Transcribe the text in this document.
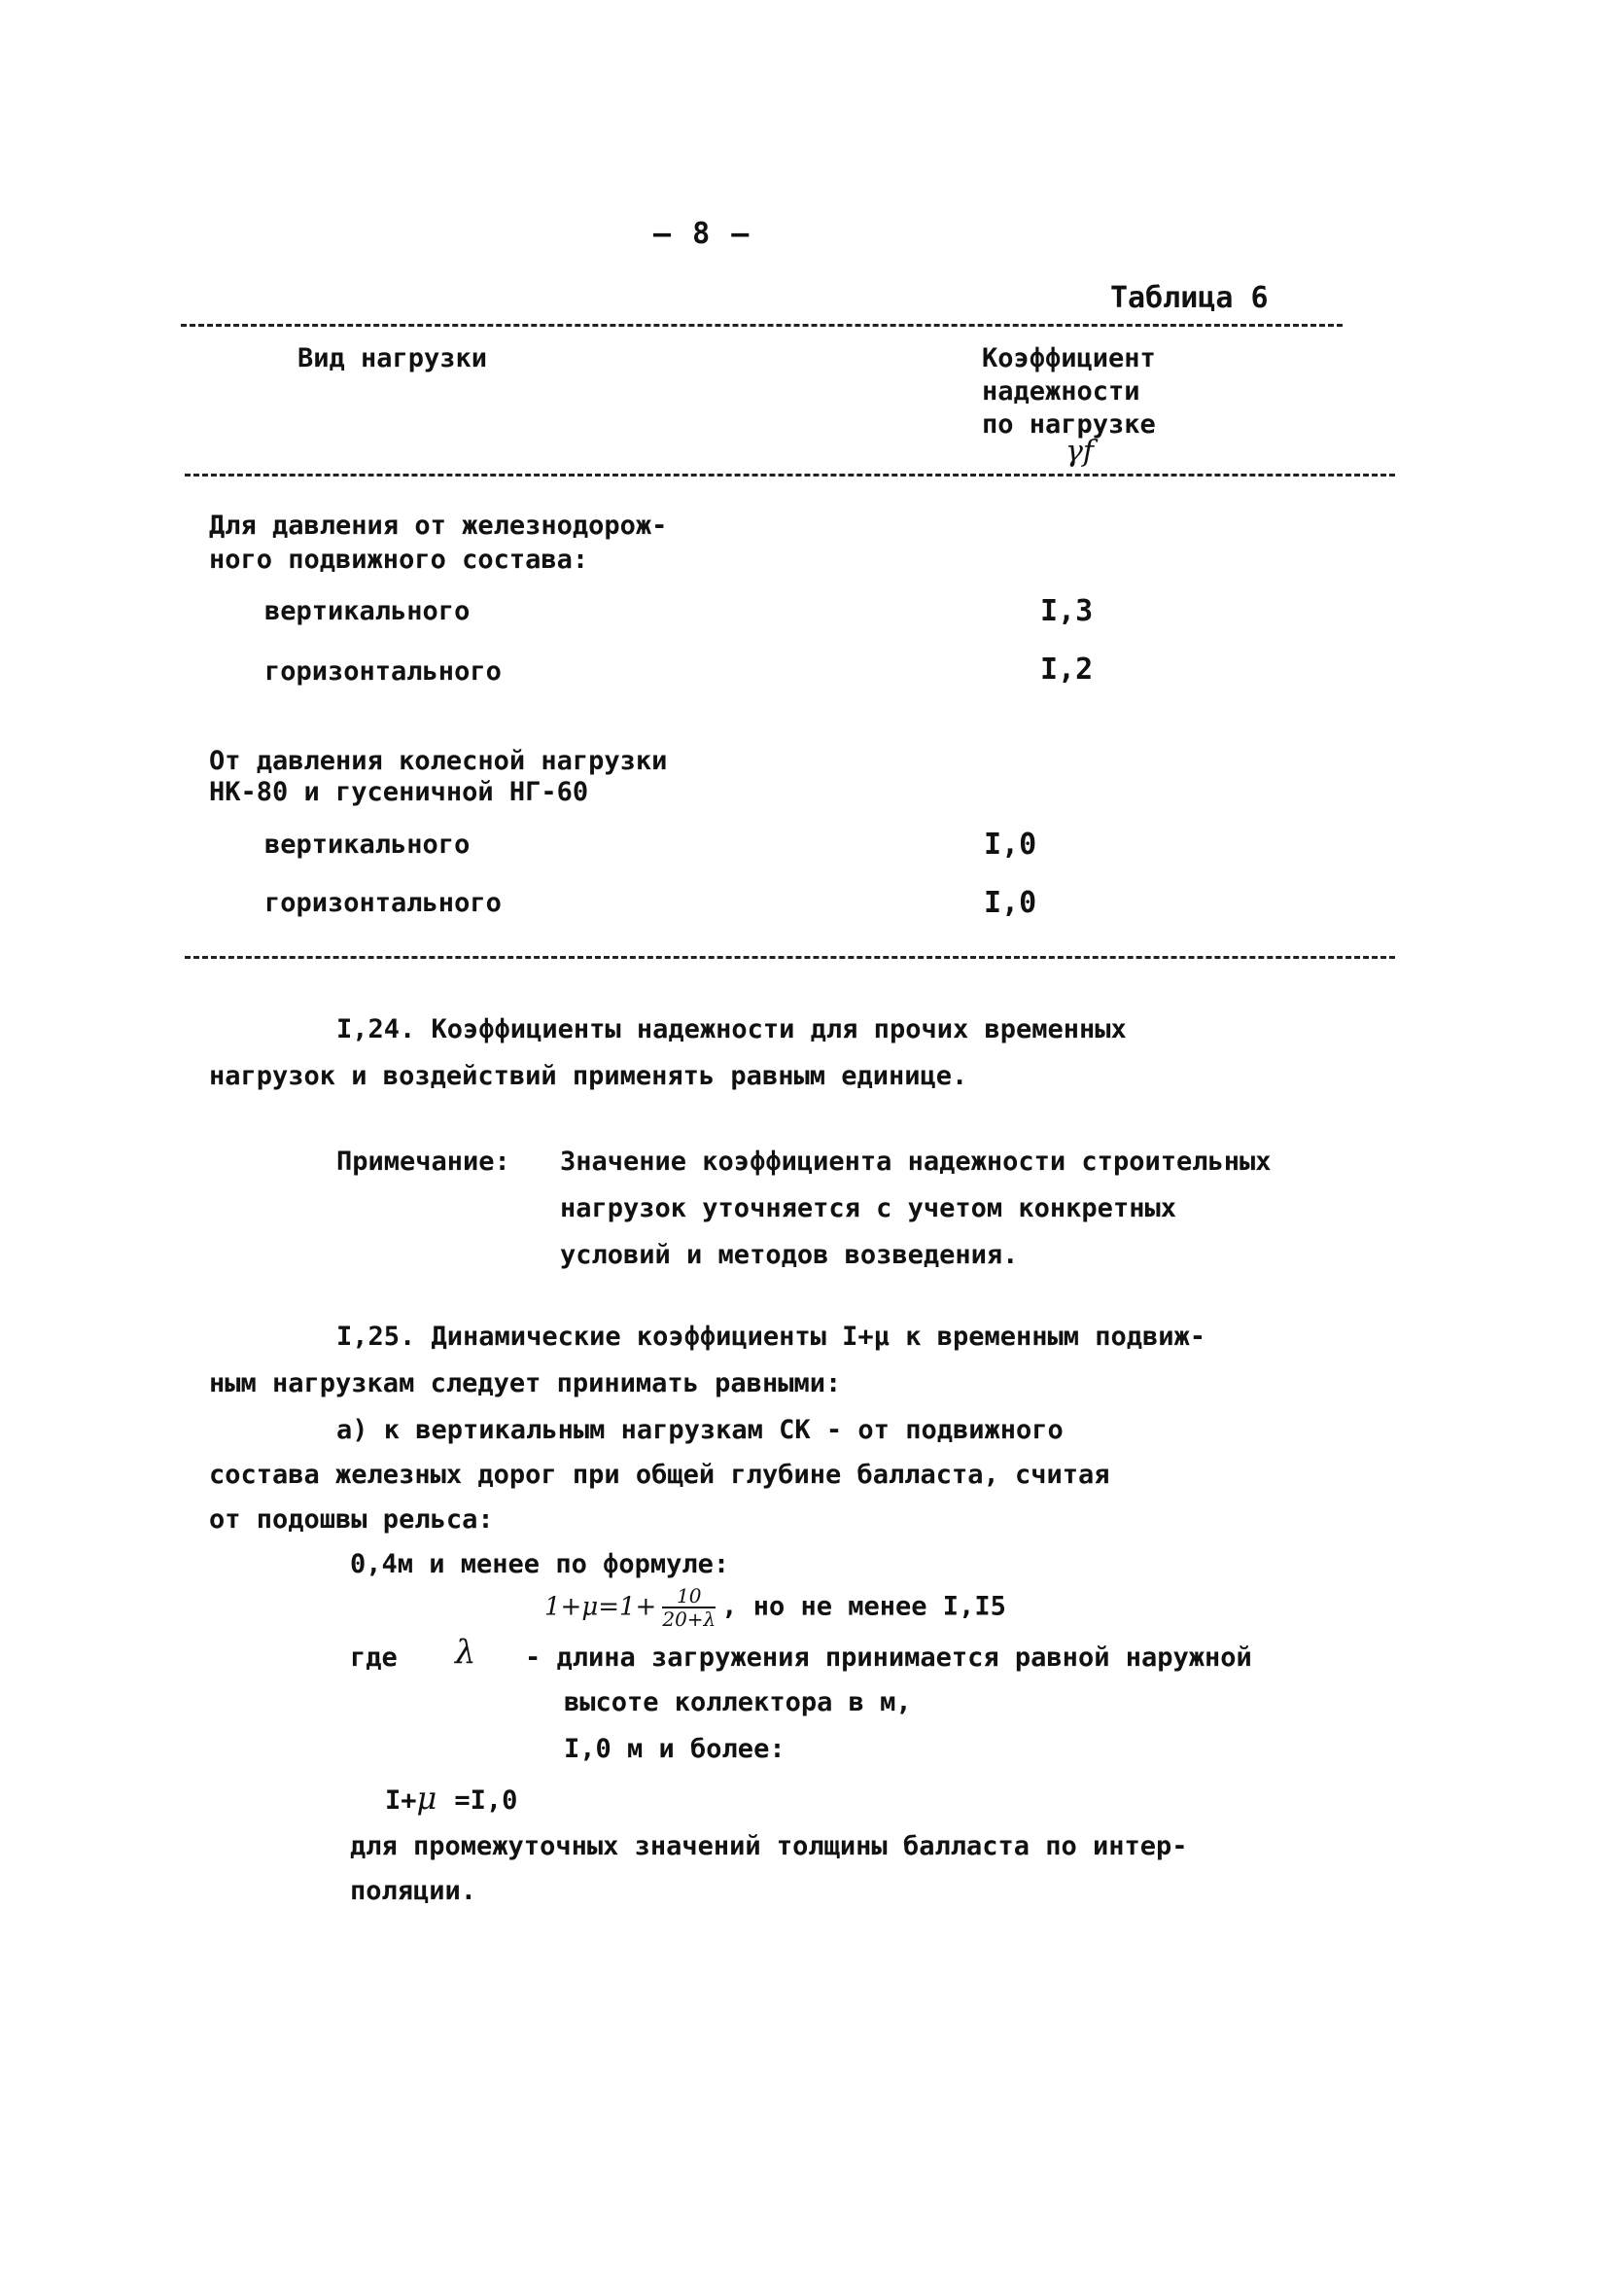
– 8 –
Таблица 6
Вид нагрузки	Коэффициент
надежности
по нагрузке
γf
Для давления от железнодорож-
ного подвижного состава:
вертикального	I,3
горизонтального	I,2
От давления колесной нагрузки
НК-80 и гусеничной НГ-60
вертикального	I,0
горизонтального	I,0
I,24. Коэффициенты надежности для прочих временных
нагрузок и воздействий применять равным единице.
Примечание: Значение коэффициента надежности строительных
нагрузок уточняется с учетом конкретных
условий и методов возведения.
I,25. Динамические коэффициенты I+μ к временным подвиж-
ным нагрузкам следует принимать равными:
а) к вертикальным нагрузкам СК - от подвижного
состава железных дорог при общей глубине балласта, считая
от подошвы рельса:
0,4м и менее по формуле:
$1+\mu=1+ \frac{10}{20+\lambda}$ , но не менее I,I5
где λ - длина загружения принимается равной наружной
высоте коллектора в м,
I,0 м и более:
I+μ =I,0
для промежуточных значений толщины балласта по интер-
поляции.
